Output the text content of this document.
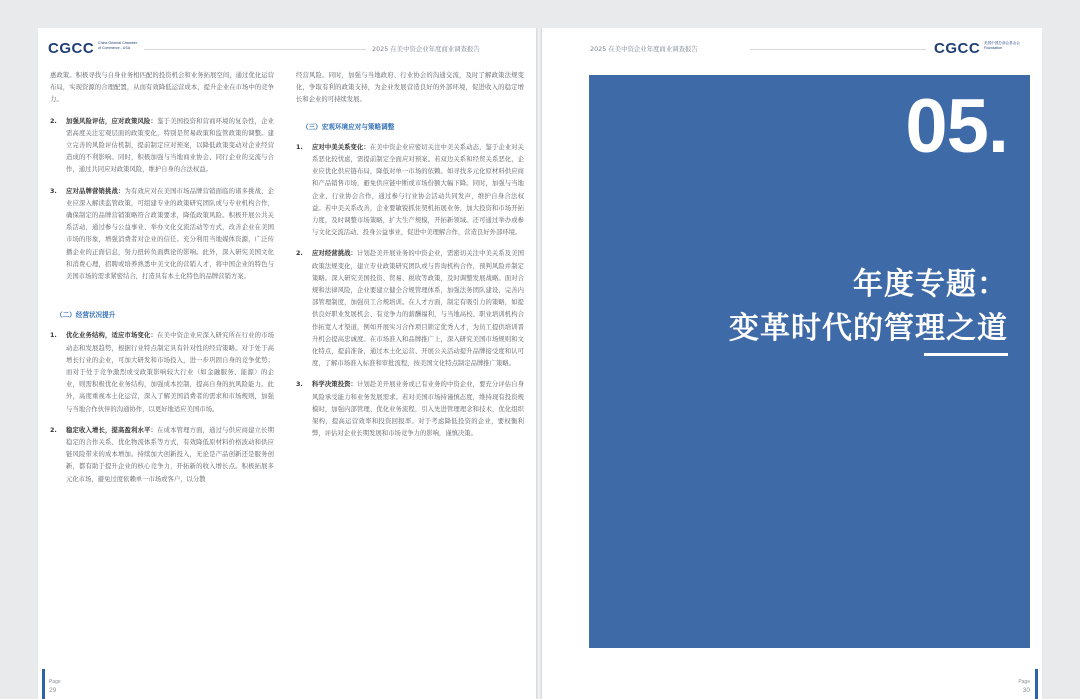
CGCC China General Chamber of Commerce - USA	2025 在美中资企业年度商业调查报告

惠政策。积极寻找与自身业务相匹配的投资机会和业务拓展空间，通过优化运营布局，实现资源的合理配置，从而有效降低运营成本，提升企业在市场中的竞争力。

2. 加强风险评估，应对政策风险：鉴于美国投资和营商环境的复杂性，企业需高度关注宏观层面的政策变化，特别是贸易政策和监管政策的调整。建立完善的风险评估机制，提前制定应对预案，以降低政策变动对企业经营造成的不利影响。同时，积极加强与当地商业协会、同行企业的交流与合作，通过共同应对政策风险，维护自身的合法权益。
3. 应对品牌营销挑战：为有效应对在美国市场品牌营销面临的诸多挑战，企业应深入解读监管政策，可组建专业的政策研究团队或与专业机构合作，确保制定的品牌营销策略符合政策要求，降低政策风险。积极开展公共关系活动，通过参与公益事业、举办文化交流活动等方式，改善企业在美国市场的形象，增强消费者对企业的信任。充分利用当地媒体资源，广泛传播企业的正面信息，努力扭转负面舆论的影响。此外，深入研究美国文化和消费心理，招聘或培养熟悉中美文化的营销人才，将中国企业的特色与美国市场的需求紧密结合，打造具有本土化特色的品牌营销方案。
（二）经营状况提升
1. 优化业务结构，适应市场变化：在美中资企业应深入研究所在行业的市场动态和发展趋势，根据行业特点制定具有针对性的经营策略。对于处于高增长行业的企业，可加大研发和市场投入，进一步巩固自身的竞争优势；而对于处于竞争激烈或受政策影响较大行业（如金融服务、能源）的企业，则需积极优化业务结构，加强成本控制，提高自身的抗风险能力。此外，高度重视本土化运营，深入了解美国消费者的需求和市场规则，加强与当地合作伙伴的沟通协作，以更好地适应美国市场。
2. 稳定收入增长，提高盈利水平：在成本管理方面，通过与供应商建立长期稳定的合作关系、优化物流体系等方式，有效降低原材料价格波动和供应链风险带来的成本增加。持续加大创新投入，无论是产品创新还是服务创新，都有助于提升企业的核心竞争力，开拓新的收入增长点。积极拓展多元化市场，避免过度依赖单一市场或客户，以分散

经营风险。同时，加强与当地政府、行业协会的沟通交流，及时了解政策法规变化，争取有利的政策支持，为企业发展营造良好的外部环境，促进收入的稳定增长和企业的可持续发展。

（三）宏观环境应对与策略调整
1. 应对中美关系变化：在美中资企业应密切关注中美关系动态，鉴于企业对关系恶化较忧虑，需提前制定全面应对预案。若双边关系和经贸关系恶化，企业应优化供应链布局，降低对单一市场的依赖。如寻找多元化原材料供应商和产品销售市场，避免供应链中断或市场份额大幅下降。同时，加强与当地企业、行业协会合作，通过参与行业协会活动共同发声，维护自身合法权益。若中美关系改善，企业要敏锐抓住契机拓展业务，加大投资和市场开拓力度，及时调整市场策略，扩大生产规模，开拓新领域。还可通过举办或参与文化交流活动、投身公益事业，促进中美理解合作，营造良好外部环境。
2. 应对经营挑战：计划赴美开展业务的中资企业，需密切关注中美关系及美国政策法规变化，建立专业政策研究团队或与咨询机构合作，预判风险并制定策略。深入研究美国投资、贸易、税收等政策，及时调整发展战略。面对合规和法律风险，企业要建立健全合规管理体系，加强法务团队建设，完善内部管理制度，加强员工合规培训。在人才方面，制定有吸引力的策略，如提供良好职业发展机会、有竞争力的薪酬福利，与当地高校、职业培训机构合作拓宽人才渠道，例如开展实习合作项目锁定优秀人才，为员工提供培训晋升机会提高忠诚度。在市场准入和品牌推广上，深入研究美国市场规则和文化特点，提前准备，通过本土化运营、开展公关活动提升品牌接受度和认可度，了解市场准入标准和审批流程，按美国文化特点制定品牌推广策略。
3. 科学决策投资：计划赴美开展业务或已有业务的中资企业，要充分评估自身风险承受能力和业务发展需求。若对美国市场持谨慎态度，维持现有投资规模时，加强内部管理、优化业务流程，引入先进管理理念和技术，优化组织架构，提高运营效率和投资回报率。对于考虑降低投资的企业，要权衡利弊，评估对企业长期发展和市场竞争力的影响，谨慎决策。
Page
29
2025 在美中资企业年度商业调查报告	CGCC 美国中国总商会基金会 Foundation
05.
年度专题：
变革时代的管理之道
Page
30
